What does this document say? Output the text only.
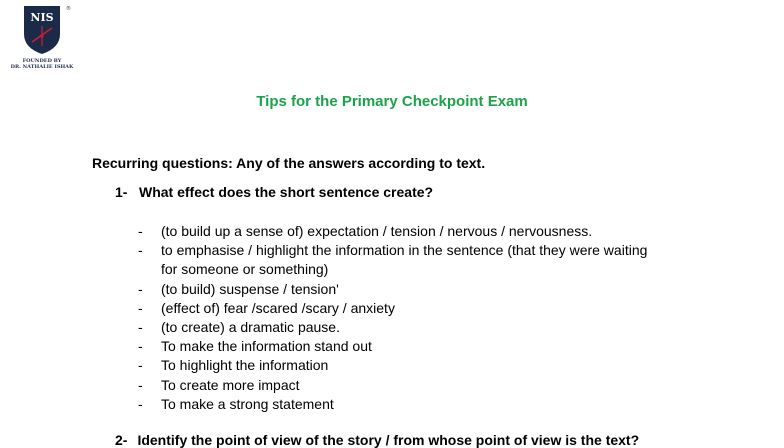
NIS
®
FOUNDED BY
DR. NATHALIE ISHAK
Tips for the Primary Checkpoint Exam
Recurring questions: Any of the answers according to text.
1- What effect does the short sentence create?
- (to build up a sense of) expectation / tension / nervous / nervousness.
- to emphasise / highlight the information in the sentence (that they were waiting for someone or something)
- (to build) suspense / tension'
- (effect of) fear /scared /scary / anxiety
- (to create) a dramatic pause.
- To make the information stand out
- To highlight the information
- To create more impact
- To make a strong statement
2- Identify the point of view of the story / from whose point of view is the text?
